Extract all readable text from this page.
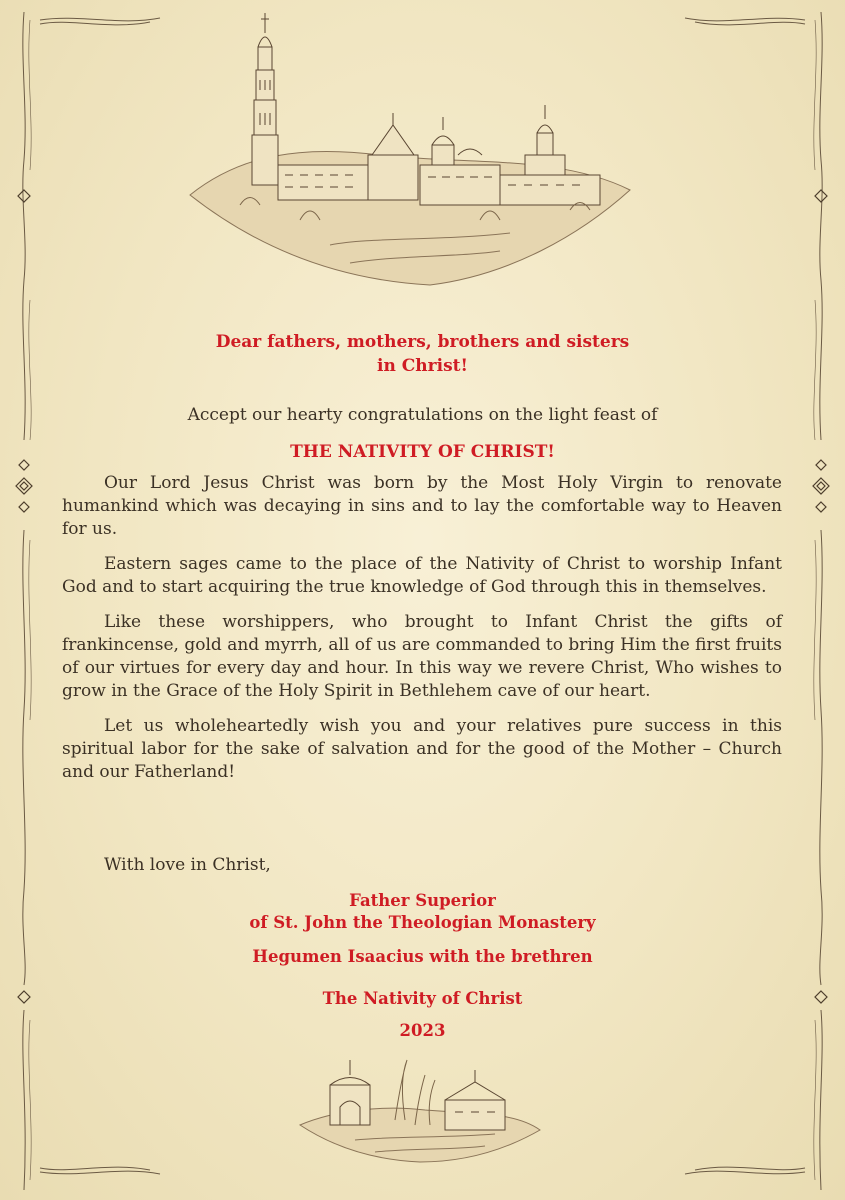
Dear fathers, mothers, brothers and sisters
in Christ!
Accept our hearty congratulations on the light feast of
THE NATIVITY OF CHRIST!

Our Lord Jesus Christ was born by the Most Holy Virgin to renovate humankind which was decaying in sins and to lay the comfortable way to Heaven for us.

Eastern sages came to the place of the Nativity of Christ to worship Infant God and to start acquiring the true knowledge of God through this in themselves.

Like these worshippers, who brought to Infant Christ the gifts of frankincense, gold and myrrh, all of us are commanded to bring Him the first fruits of our virtues for every day and hour. In this way we revere Christ, Who wishes to grow in the Grace of the Holy Spirit in Bethlehem cave of our heart.

Let us wholeheartedly wish you and your relatives pure success in this spiritual labor for the sake of salvation and for the good of the Mother – Church and our Fatherland!

With love in Christ,
Father Superior
of St. John the Theologian Monastery
Hegumen Isaacius with the brethren
The Nativity of Christ
2023
